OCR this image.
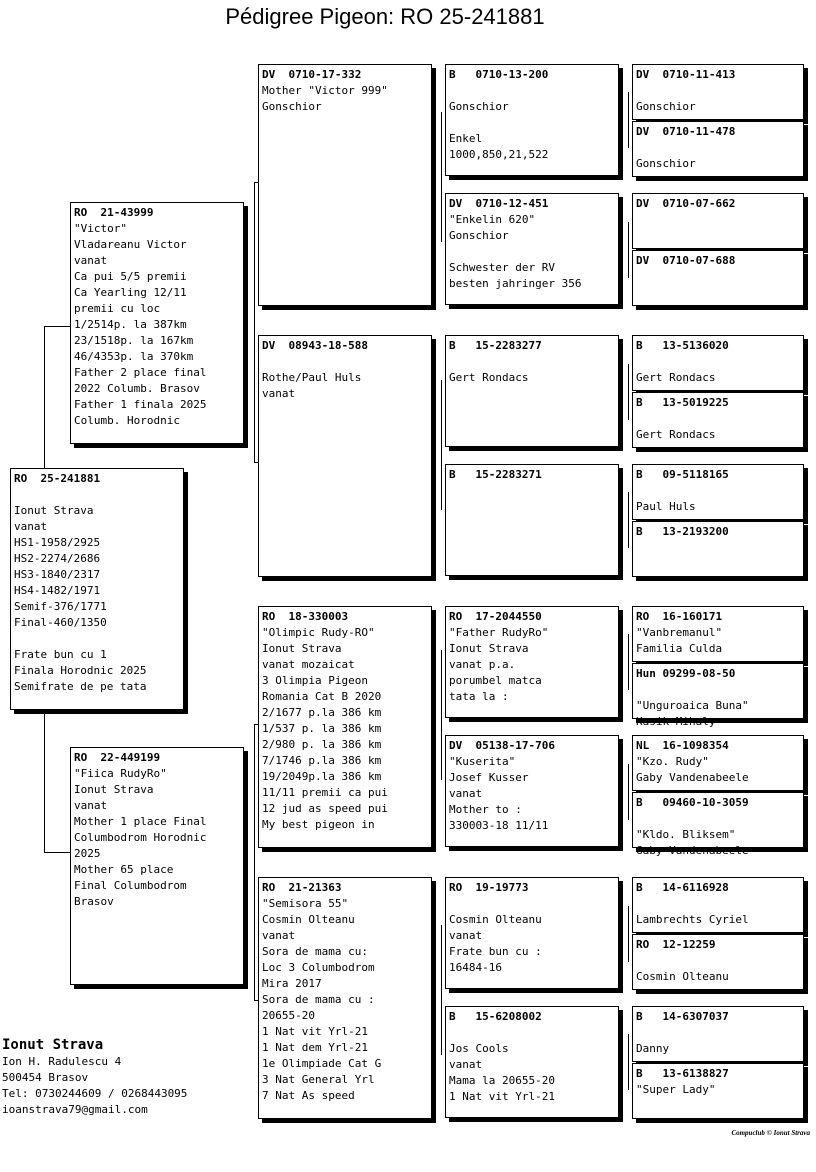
Pédigree Pigeon: RO 25-241881
RO  25-241881
Ionut Strava
vanat
HS1-1958/2925
HS2-2274/2686
HS3-1840/2317
HS4-1482/1971
Semif-376/1771
Final-460/1350
Frate bun cu 1
Finala Horodnic 2025
Semifrate de pe tata
RO  21-43999
"Victor"
Vladareanu Victor
vanat
Ca pui 5/5 premii
Ca Yearling 12/11
premii cu loc
1/2514p. la 387km
23/1518p. la 167km
46/4353p. la 370km
Father 2 place final
2022 Columb. Brasov
Father 1 finala 2025
Columb. Horodnic
RO  22-449199
"Fiica RudyRo"
Ionut Strava
vanat
Mother 1 place Final
Columbodrom Horodnic
2025
Mother 65 place
Final Columbodrom
Brasov
DV  0710-17-332
Mother "Victor 999"
Gonschior
DV  08943-18-588
Rothe/Paul Huls
vanat
RO  18-330003
"Olimpic Rudy-RO"
Ionut Strava
vanat mozaicat
3 Olimpia Pigeon
Romania Cat B 2020
2/1677 p.la 386 km
1/537 p. la 386 km
2/980 p. la 386 km
7/1746 p.la 386 km
19/2049p.la 386 km
11/11 premii ca pui
12 jud as speed pui
My best pigeon in
RO  21-21363
"Semisora 55"
Cosmin Olteanu
vanat
Sora de mama cu:
Loc 3 Columbodrom
Mira 2017
Sora de mama cu :
20655-20
1 Nat vit Yrl-21
1 Nat dem Yrl-21
1e Olimpiade Cat G
3 Nat General Yrl
7 Nat As speed
B   0710-13-200
Gonschior
Enkel
1000,850,21,522
DV  0710-12-451
"Enkelin 620"
Gonschior
Schwester der RV
besten jahringer 356
B   15-2283277
Gert Rondacs
B   15-2283271
RO  17-2044550
"Father RudyRo"
Ionut Strava
vanat p.a.
porumbel matca
tata la :
DV  05138-17-706
"Kuserita"
Josef Kusser
vanat
Mother to :
330003-18 11/11
RO  19-19773
Cosmin Olteanu
vanat
Frate bun cu :
16484-16
B   15-6208002
Jos Cools
vanat
Mama la 20655-20
1 Nat vit Yrl-21
DV  0710-11-413
Gonschior
DV  0710-11-478
Gonschior
DV  0710-07-662
DV  0710-07-688
B   13-5136020
Gert Rondacs
B   13-5019225
Gert Rondacs
B   09-5118165
Paul Huls
B   13-2193200
RO  16-160171
"Vanbremanul"
Familia Culda
Hun 09299-08-50
"Unguroaica Buna"
Kasik Mihaly
NL  16-1098354
"Kzo. Rudy"
Gaby Vandenabeele
B   09460-10-3059
"Kldo. Bliksem"
Gaby Vandenabeele
B   14-6116928
Lambrechts Cyriel
RO  12-12259
Cosmin Olteanu
B   14-6307037
Danny
B   13-6138827
"Super Lady"
Ionut Strava
Ion H. Radulescu 4
500454 Brasov
Tel: 0730244609 / 0268443095
ioanstrava79@gmail.com
Compuclub © Ionut Strava
